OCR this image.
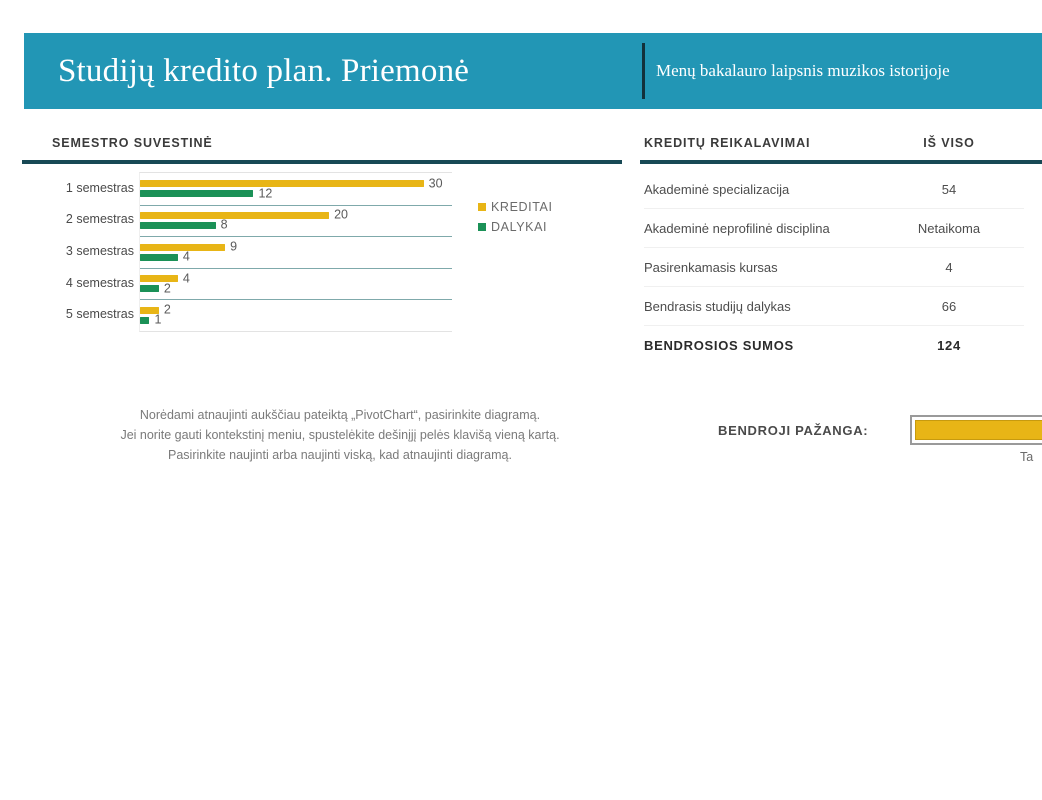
Studijų kredito plan. Priemonė	Menų bakalauro laipsnis muzikos istorijoje
SEMESTRO SUVESTINĖ	KREDITŲ REIKALAVIMAI	IŠ VISO
1 semestras
2 semestras
3 semestras
4 semestras
5 semestras
30
12
20
8
9
4
4
2
2
1
KREDITAI
DALYKAI
Akademinė specializacija	54
Akademinė neprofilinė disciplina	Netaikoma
Pasirenkamasis kursas	4
Bendrasis studijų dalykas	66
BENDROSIOS SUMOS	124
Norėdami atnaujinti aukščiau pateiktą „PivotChart“, pasirinkite diagramą.
Jei norite gauti kontekstinį meniu, spustelėkite dešinįjį pelės klavišą vieną kartą.
Pasirinkite naujinti arba naujinti viską, kad atnaujinti diagramą.
BENDROJI PAŽANGA:
Ta
